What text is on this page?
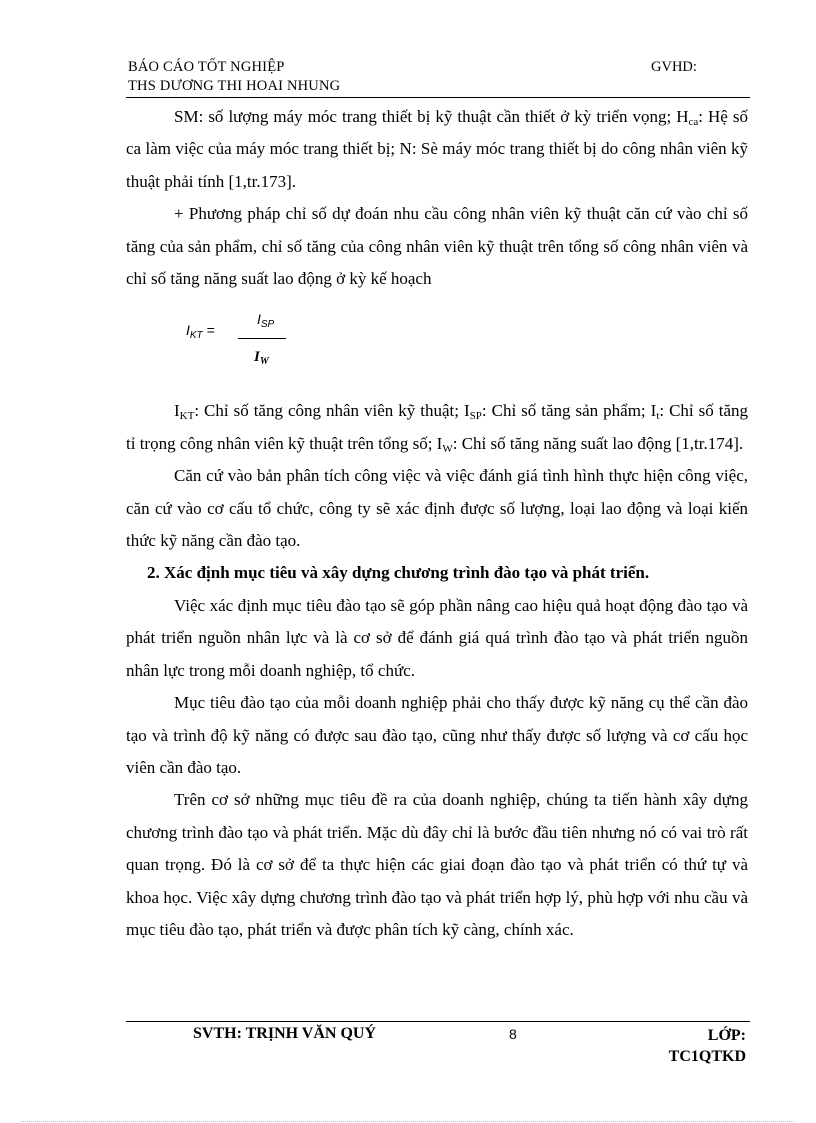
BÁO CÁO TỐT NGHIỆP
THS DƯƠNG THI HOAI NHUNG
GVHD:

SM: số lượng máy móc trang thiết bị kỹ thuật cần thiết ở kỳ triển vọng; $H_{ca}$: Hệ số ca làm việc của máy móc trang thiết bị; N: Sè máy móc trang thiết bị do công nhân viên kỹ thuật phải tính [1,tr.173].

+ Phương pháp chỉ số dự đoán nhu cầu công nhân viên kỹ thuật căn cứ vào chỉ số tăng của sản phẩm, chỉ số tăng của công nhân viên kỹ thuật trên tổng số công nhân viên và chỉ số tăng năng suất lao động ở kỳ kế hoạch

$I_{KT}$ =
$I_{SP}$
$I_W$

$I_{KT}$: Chỉ số tăng công nhân viên kỹ thuật; $I_{SP}$: Chỉ số tăng sản phẩm; $I_t$: Chỉ số tăng tỉ trọng công nhân viên kỹ thuật trên tổng số; $I_W$: Chỉ số tăng năng suất lao động [1,tr.174].

Căn cứ vào bản phân tích công việc và việc đánh giá tình hình thực hiện công việc, căn cứ vào cơ cấu tổ chức, công ty sẽ xác định được số lượng, loại lao động và loại kiến thức kỹ năng cần đào tạo.

2. Xác định mục tiêu và xây dựng chương trình đào tạo và phát triển.

Việc xác định mục tiêu đào tạo sẽ góp phần nâng cao hiệu quả hoạt động đào tạo và phát triển nguồn nhân lực và là cơ sở để đánh giá quá trình đào tạo và phát triển nguồn nhân lực trong mỗi doanh nghiệp, tổ chức.

Mục tiêu đào tạo của mỗi doanh nghiệp phải cho thấy được kỹ năng cụ thể cần đào tạo và trình độ kỹ năng có được sau đào tạo, cũng như thấy được số lượng và cơ cấu học viên cần đào tạo.

Trên cơ sở những mục tiêu đề ra của doanh nghiệp, chúng ta tiến hành xây dựng chương trình đào tạo và phát triển. Mặc dù đây chỉ là bước đầu tiên nhưng nó có vai trò rất quan trọng. Đó là cơ sở để ta thực hiện các giai đoạn đào tạo và phát triển có thứ tự và khoa học. Việc xây dựng chương trình đào tạo và phát triển hợp lý, phù hợp với nhu cầu và mục tiêu đào tạo, phát triển và được phân tích kỹ càng, chính xác.

SVTH: TRỊNH VĂN QUÝ	8	LỚP:
TC1QTKD
